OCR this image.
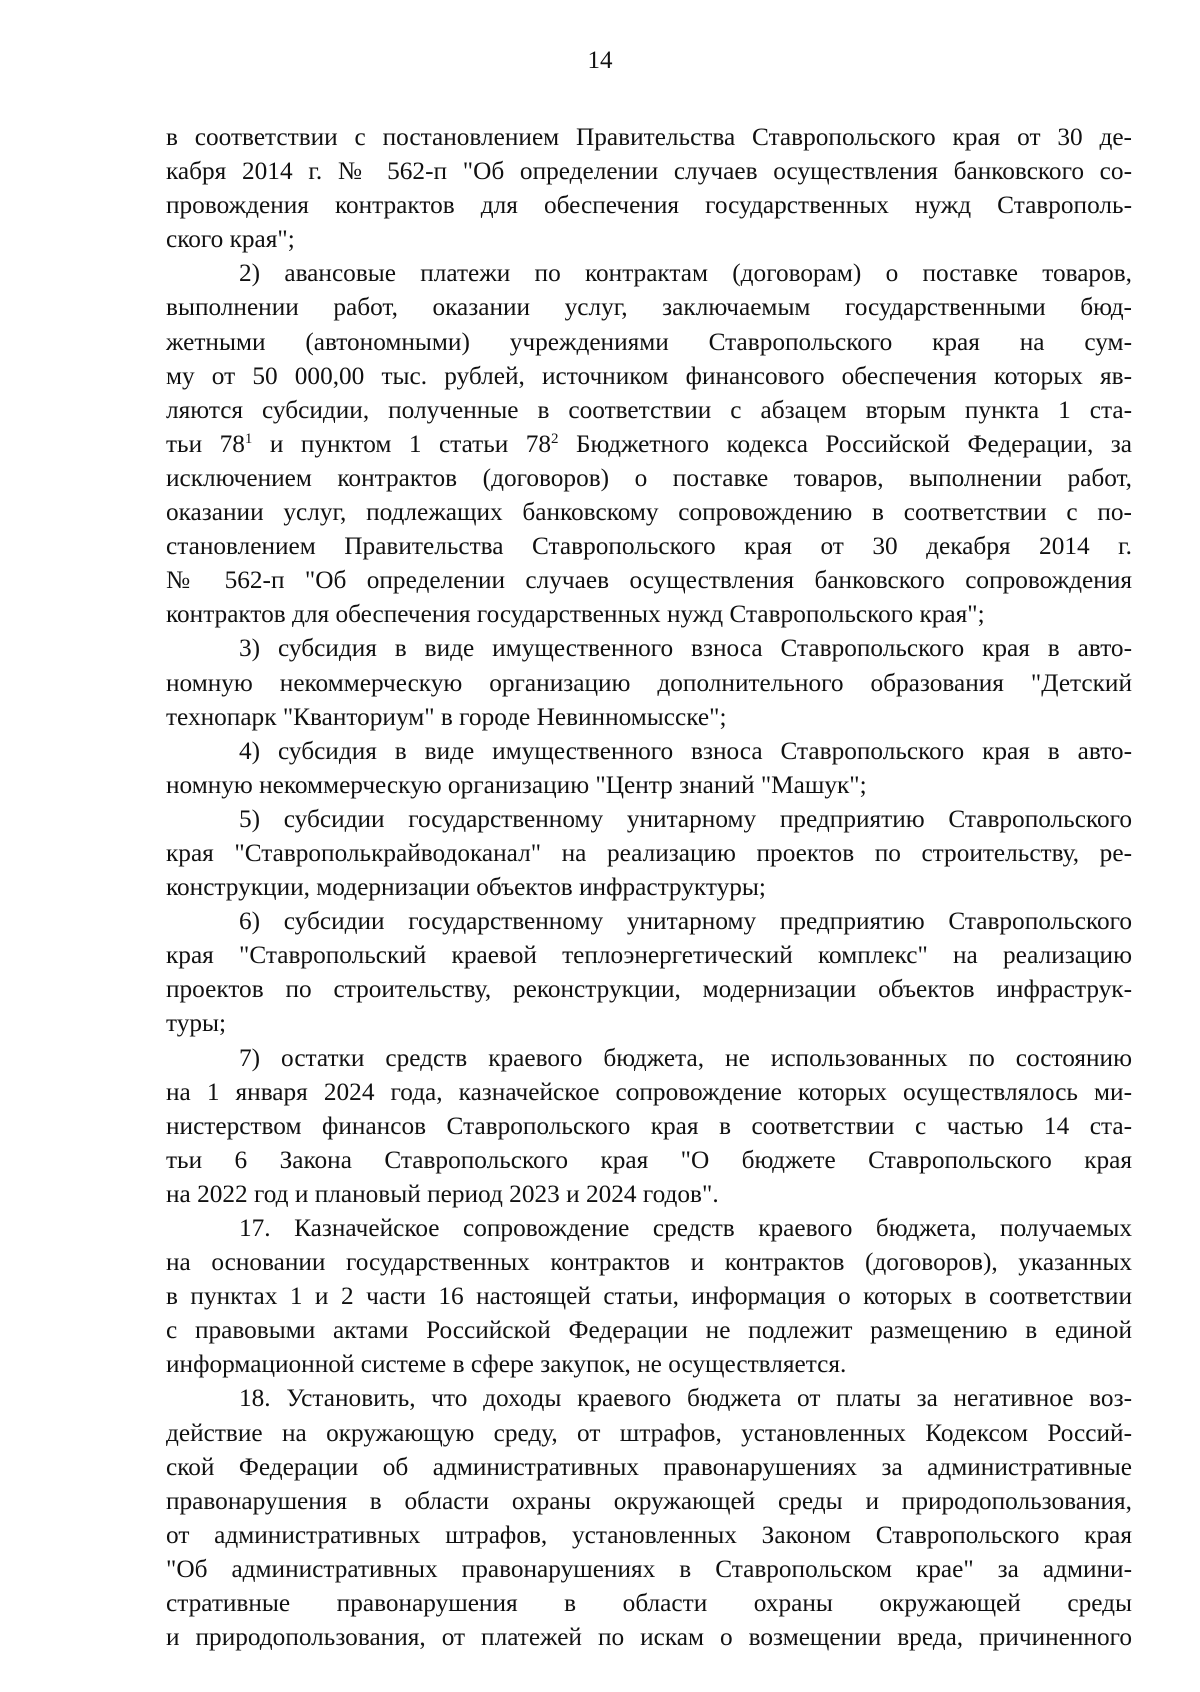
14
в соответствии с постановлением Правительства Ставропольского края от 30 де-
кабря 2014 г. № 562-п "Об определении случаев осуществления банковского со-
провождения контрактов для обеспечения государственных нужд Ставрополь-
ского края";
2) авансовые платежи по контрактам (договорам) о поставке товаров,
выполнении работ, оказании услуг, заключаемым государственными бюд-
жетными (автономными) учреждениями Ставропольского края на сум-
му от 50 000,00 тыс. рублей, источником финансового обеспечения которых яв-
ляются субсидии, полученные в соответствии с абзацем вторым пункта 1 ста-
тьи $78^1$ и пунктом 1 статьи $78^2$ Бюджетного кодекса Российской Федерации, за
исключением контрактов (договоров) о поставке товаров, выполнении работ,
оказании услуг, подлежащих банковскому сопровождению в соответствии с по-
становлением Правительства Ставропольского края от 30 декабря 2014 г.
№ 562-п "Об определении случаев осуществления банковского сопровождения
контрактов для обеспечения государственных нужд Ставропольского края";
3) субсидия в виде имущественного взноса Ставропольского края в авто-
номную некоммерческую организацию дополнительного образования "Детский
технопарк "Кванториум" в городе Невинномысске";
4) субсидия в виде имущественного взноса Ставропольского края в авто-
номную некоммерческую организацию "Центр знаний "Машук";
5) субсидии государственному унитарному предприятию Ставропольского
края "Ставрополькрайводоканал" на реализацию проектов по строительству, ре-
конструкции, модернизации объектов инфраструктуры;
6) субсидии государственному унитарному предприятию Ставропольского
края "Ставропольский краевой теплоэнергетический комплекс" на реализацию
проектов по строительству, реконструкции, модернизации объектов инфраструк-
туры;
7) остатки средств краевого бюджета, не использованных по состоянию
на 1 января 2024 года, казначейское сопровождение которых осуществлялось ми-
нистерством финансов Ставропольского края в соответствии с частью 14 ста-
тьи 6 Закона Ставропольского края "О бюджете Ставропольского края
на 2022 год и плановый период 2023 и 2024 годов".
17. Казначейское сопровождение средств краевого бюджета, получаемых
на основании государственных контрактов и контрактов (договоров), указанных
в пунктах 1 и 2 части 16 настоящей статьи, информация о которых в соответствии
с правовыми актами Российской Федерации не подлежит размещению в единой
информационной системе в сфере закупок, не осуществляется.
18. Установить, что доходы краевого бюджета от платы за негативное воз-
действие на окружающую среду, от штрафов, установленных Кодексом Россий-
ской Федерации об административных правонарушениях за административные
правонарушения в области охраны окружающей среды и природопользования,
от административных штрафов, установленных Законом Ставропольского края
"Об административных правонарушениях в Ставропольском крае" за админи-
стративные правонарушения в области охраны окружающей среды
и природопользования, от платежей по искам о возмещении вреда, причиненного
